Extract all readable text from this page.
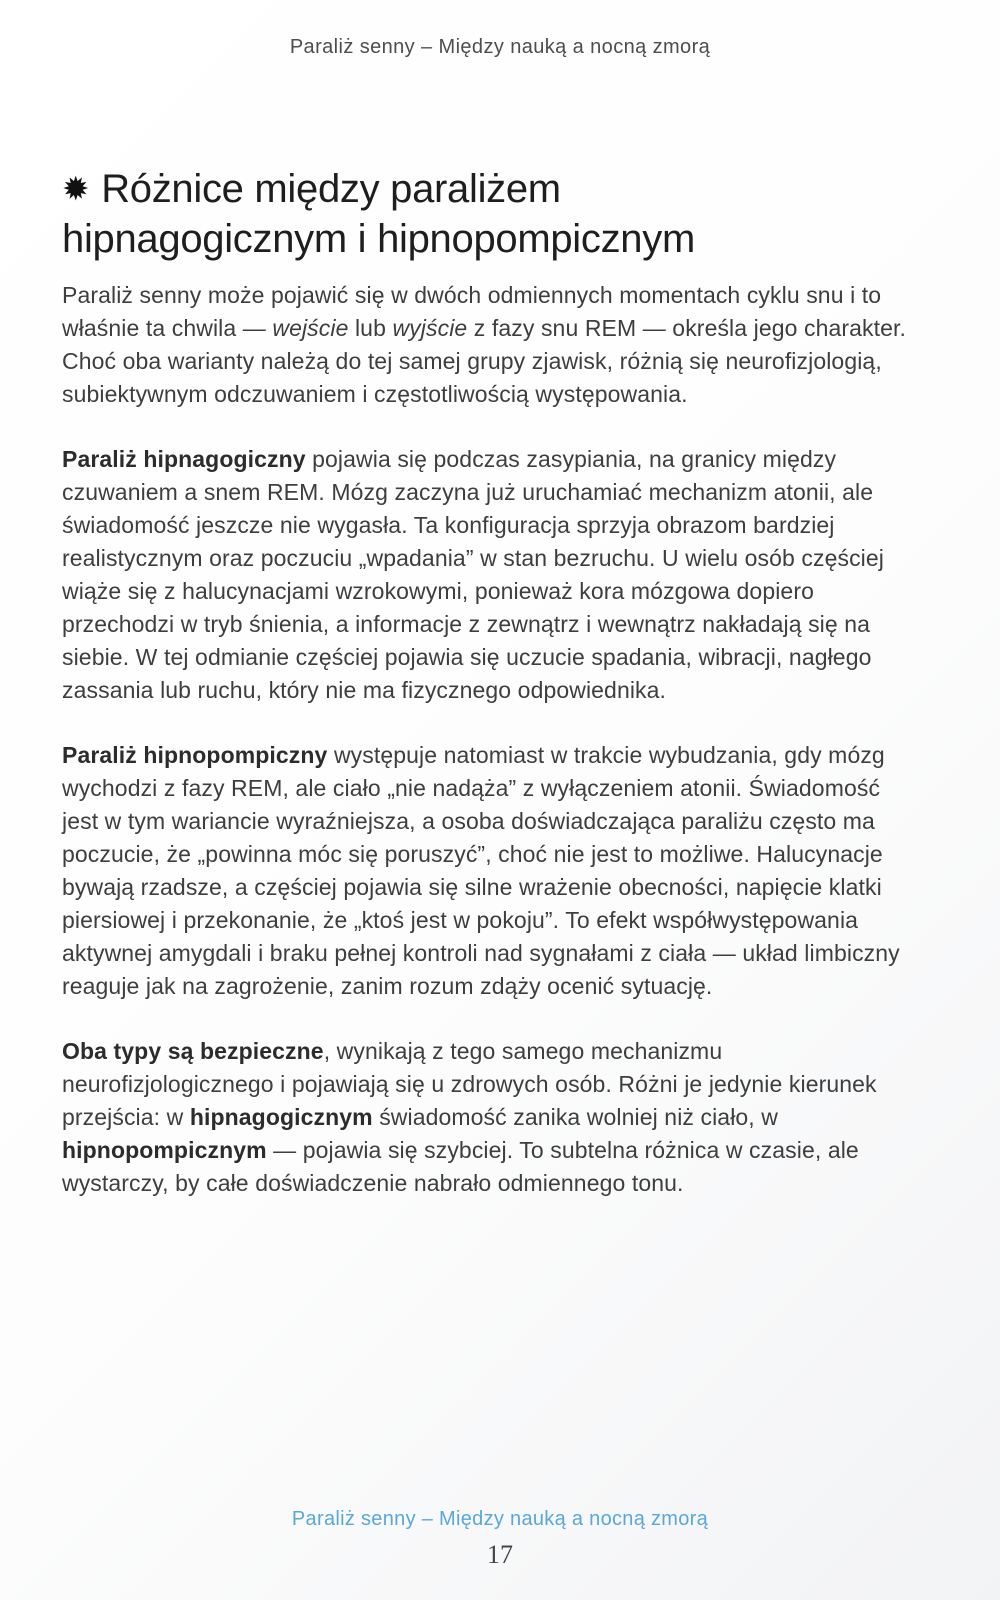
Paraliż senny – Między nauką a nocną zmorą
✹ Różnice między paraliżem hipnagogicznym i hipnopompicznym

Paraliż senny może pojawić się w dwóch odmiennych momentach cyklu snu i to właśnie ta chwila — wejście lub wyjście z fazy snu REM — określa jego charakter. Choć oba warianty należą do tej samej grupy zjawisk, różnią się neurofizjologią, subiektywnym odczuwaniem i częstotliwością występowania.

Paraliż hipnagogiczny pojawia się podczas zasypiania, na granicy między czuwaniem a snem REM. Mózg zaczyna już uruchamiać mechanizm atonii, ale świadomość jeszcze nie wygasła. Ta konfiguracja sprzyja obrazom bardziej realistycznym oraz poczuciu „wpadania” w stan bezruchu. U wielu osób częściej wiąże się z halucynacjami wzrokowymi, ponieważ kora mózgowa dopiero przechodzi w tryb śnienia, a informacje z zewnątrz i wewnątrz nakładają się na siebie. W tej odmianie częściej pojawia się uczucie spadania, wibracji, nagłego zassania lub ruchu, który nie ma fizycznego odpowiednika.

Paraliż hipnopompiczny występuje natomiast w trakcie wybudzania, gdy mózg wychodzi z fazy REM, ale ciało „nie nadąża” z wyłączeniem atonii. Świadomość jest w tym wariancie wyraźniejsza, a osoba doświadczająca paraliżu często ma poczucie, że „powinna móc się poruszyć”, choć nie jest to możliwe. Halucynacje bywają rzadsze, a częściej pojawia się silne wrażenie obecności, napięcie klatki piersiowej i przekonanie, że „ktoś jest w pokoju”. To efekt współwystępowania aktywnej amygdali i braku pełnej kontroli nad sygnałami z ciała — układ limbiczny reaguje jak na zagrożenie, zanim rozum zdąży ocenić sytuację.

Oba typy są bezpieczne, wynikają z tego samego mechanizmu neurofizjologicznego i pojawiają się u zdrowych osób. Różni je jedynie kierunek przejścia: w hipnagogicznym świadomość zanika wolniej niż ciało, w hipnopompicznym — pojawia się szybciej. To subtelna różnica w czasie, ale wystarczy, by całe doświadczenie nabrało odmiennego tonu.

Paraliż senny – Między nauką a nocną zmorą
17
